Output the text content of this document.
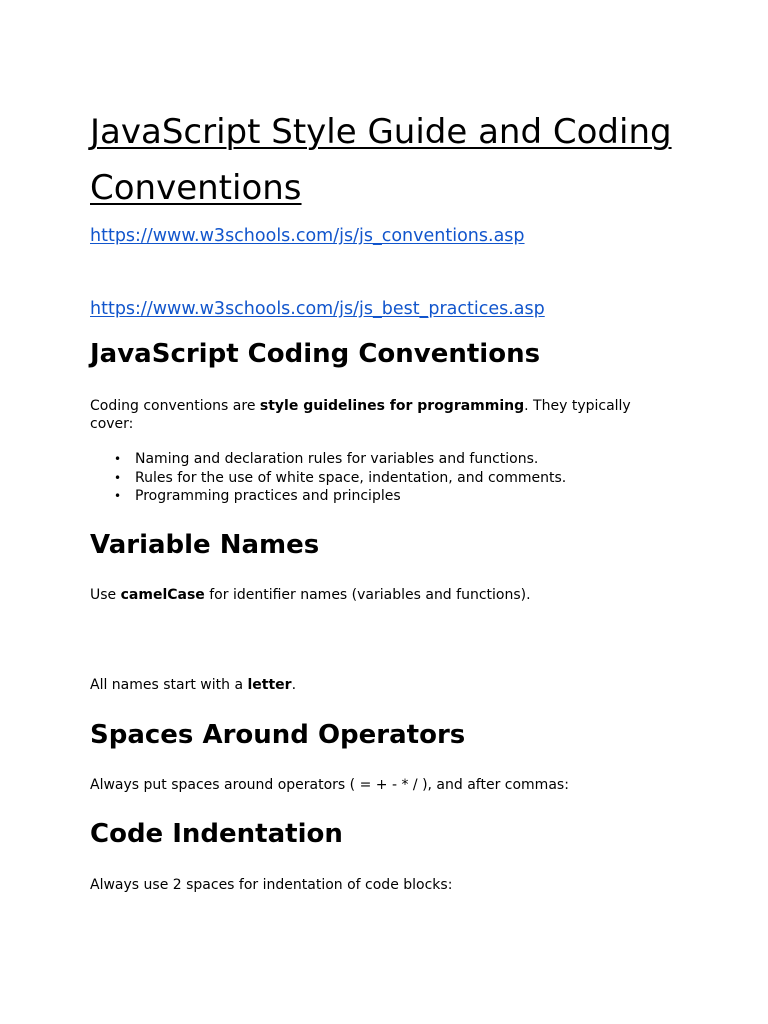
JavaScript Style Guide and Coding Conventions
https://www.w3schools.com/js/js_conventions.asp
https://www.w3schools.com/js/js_best_practices.asp
JavaScript Coding Conventions

Coding conventions are style guidelines for programming. They typically cover:

• Naming and declaration rules for variables and functions.
• Rules for the use of white space, indentation, and comments.
• Programming practices and principles
Variable Names

Use camelCase for identifier names (variables and functions).

All names start with a letter.

Spaces Around Operators

Always put spaces around operators ( = + - * / ), and after commas:

Code Indentation

Always use 2 spaces for indentation of code blocks:
